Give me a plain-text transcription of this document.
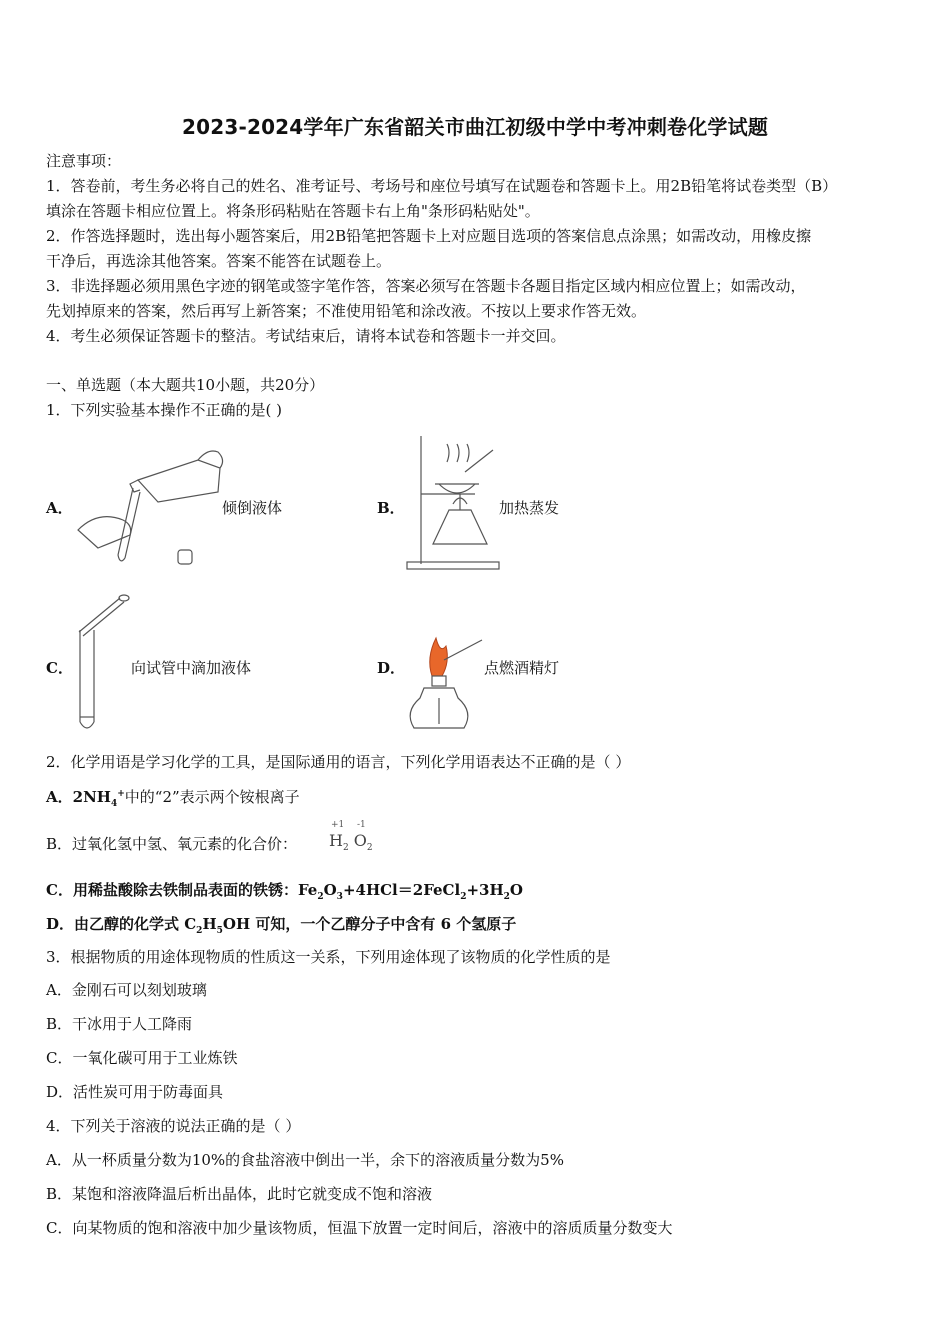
2023-2024学年广东省韶关市曲江初级中学中考冲刺卷化学试题
注意事项：
1．答卷前，考生务必将自己的姓名、准考证号、考场号和座位号填写在试题卷和答题卡上。用2B铅笔将试卷类型（B）
填涂在答题卡相应位置上。将条形码粘贴在答题卡右上角"条形码粘贴处"。
2．作答选择题时，选出每小题答案后，用2B铅笔把答题卡上对应题目选项的答案信息点涂黑；如需改动，用橡皮擦
干净后，再选涂其他答案。答案不能答在试题卷上。
3．非选择题必须用黑色字迹的钢笔或签字笔作答，答案必须写在答题卡各题目指定区域内相应位置上；如需改动，
先划掉原来的答案，然后再写上新答案；不准使用铅笔和涂改液。不按以上要求作答无效。
4．考生必须保证答题卡的整洁。考试结束后，请将本试卷和答题卡一并交回。
一、单选题（本大题共10小题，共20分）
1．下列实验基本操作不正确的是( )
A．	倾倒液体	B．	加热蒸发
C．	向试管中滴加液体	D．	点燃酒精灯
2．化学用语是学习化学的工具，是国际通用的语言，下列化学用语表达不正确的是（ ）
A．$2NH_4^+$中的“2”表示两个铵根离子
B．过氧化氢中氢、氧元素的化合价：
+1 -1
$H_2$ $O_2$
C．用稀盐酸除去铁制品表面的铁锈：$Fe_2O_3+4HCl=2FeCl_2+3H_2O$
D．由乙醇的化学式 $C_2H_5OH$ 可知，一个乙醇分子中含有 6 个氢原子
3．根据物质的用途体现物质的性质这一关系，下列用途体现了该物质的化学性质的是
A．金刚石可以刻划玻璃
B．干冰用于人工降雨
C．一氧化碳可用于工业炼铁
D．活性炭可用于防毒面具
4．下列关于溶液的说法正确的是（ ）
A．从一杯质量分数为10%的食盐溶液中倒出一半，余下的溶液质量分数为5%
B．某饱和溶液降温后析出晶体，此时它就变成不饱和溶液
C．向某物质的饱和溶液中加少量该物质，恒温下放置一定时间后，溶液中的溶质质量分数变大
